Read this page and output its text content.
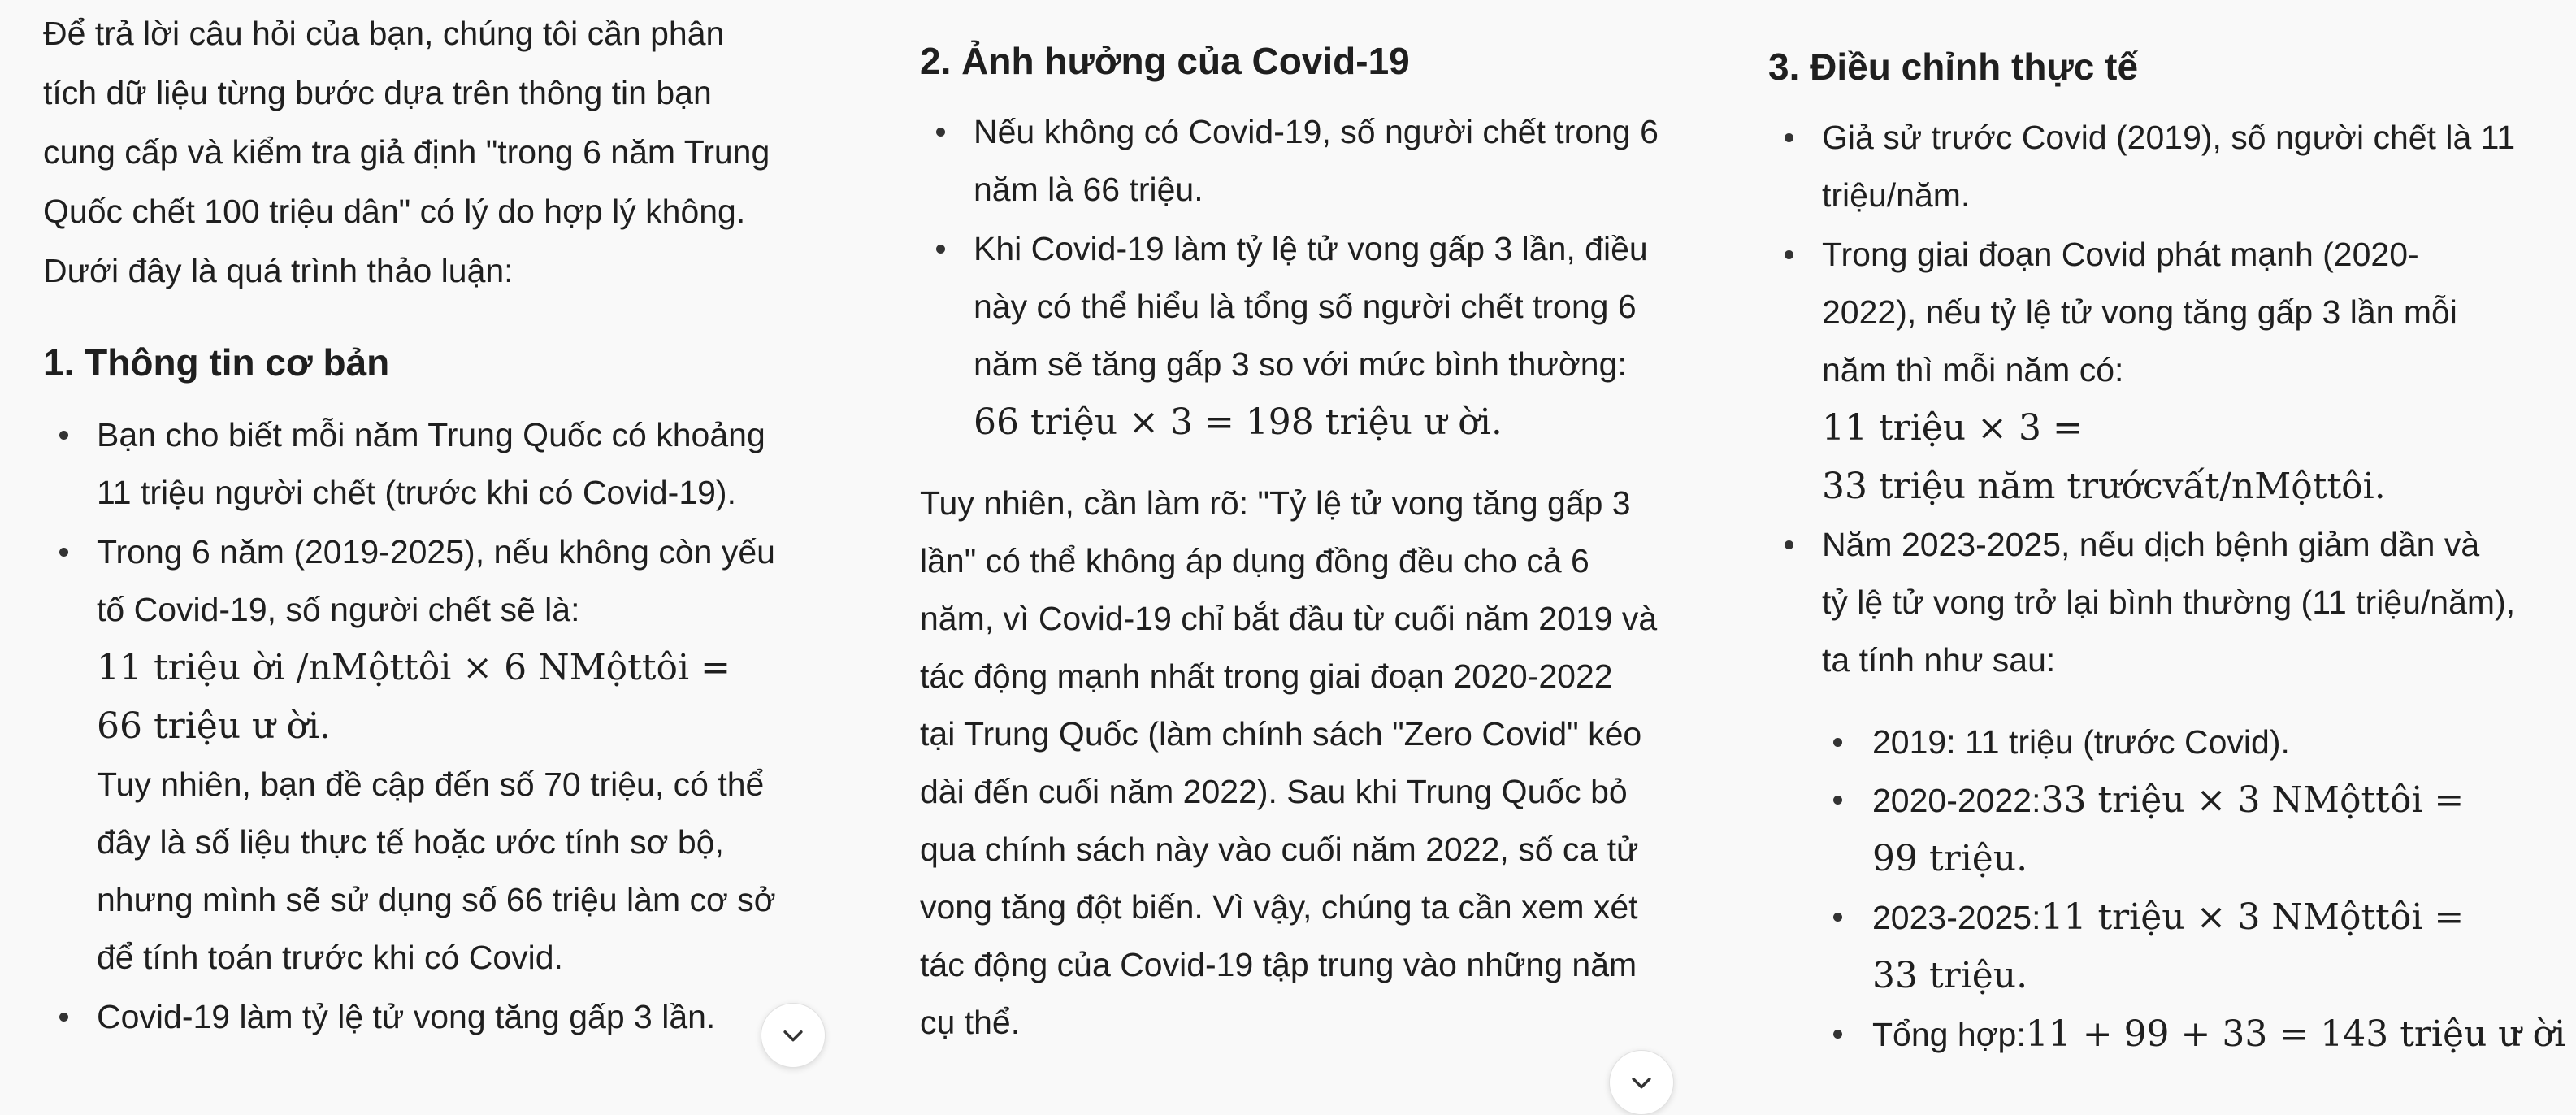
Để trả lời câu hỏi của bạn, chúng tôi cần phân
tích dữ liệu từng bước dựa trên thông tin bạn
cung cấp và kiểm tra giả định "trong 6 năm Trung
Quốc chết 100 triệu dân" có lý do hợp lý không.
Dưới đây là quá trình thảo luận:

1. Thông tin cơ bản
Bạn cho biết mỗi năm Trung Quốc có khoảng
11 triệu người chết (trước khi có Covid-19).
Trong 6 năm (2019-2025), nếu không còn yếu
tố Covid-19, số người chết sẽ là:
11 triệu ời /nMộttôi × 6 NMộttôi =
66 triệu ư ời.
Tuy nhiên, bạn đề cập đến số 70 triệu, có thể
đây là số liệu thực tế hoặc ước tính sơ bộ,
nhưng mình sẽ sử dụng số 66 triệu làm cơ sở
để tính toán trước khi có Covid.
Covid-19 làm tỷ lệ tử vong tăng gấp 3 lần.
2. Ảnh hưởng của Covid-19
Nếu không có Covid-19, số người chết trong 6
năm là 66 triệu.
Khi Covid-19 làm tỷ lệ tử vong gấp 3 lần, điều
này có thể hiểu là tổng số người chết trong 6
năm sẽ tăng gấp 3 so với mức bình thường:
66 triệu × 3 = 198 triệu ư ời.

Tuy nhiên, cần làm rõ: "Tỷ lệ tử vong tăng gấp 3
lần" có thể không áp dụng đồng đều cho cả 6
năm, vì Covid-19 chỉ bắt đầu từ cuối năm 2019 và
tác động mạnh nhất trong giai đoạn 2020-2022
tại Trung Quốc (làm chính sách "Zero Covid" kéo
dài đến cuối năm 2022). Sau khi Trung Quốc bỏ
qua chính sách này vào cuối năm 2022, số ca tử
vong tăng đột biến. Vì vậy, chúng ta cần xem xét
tác động của Covid-19 tập trung vào những năm
cụ thể.

3. Điều chỉnh thực tế
Giả sử trước Covid (2019), số người chết là 11
triệu/năm.
Trong giai đoạn Covid phát mạnh (2020-
2022), nếu tỷ lệ tử vong tăng gấp 3 lần mỗi
năm thì mỗi năm có:
11 triệu × 3 =
33 triệu năm trướcvất/nMộttôi.
Năm 2023-2025, nếu dịch bệnh giảm dần và
tỷ lệ tử vong trở lại bình thường (11 triệu/năm),
ta tính như sau:
2019: 11 triệu (trước Covid).
2020-2022:33 triệu × 3 NMộttôi =
99 triệu.
2023-2025:11 triệu × 3 NMộttôi =
33 triệu.
Tổng hợp:11 + 99 + 33 = 143 triệu ư ời
